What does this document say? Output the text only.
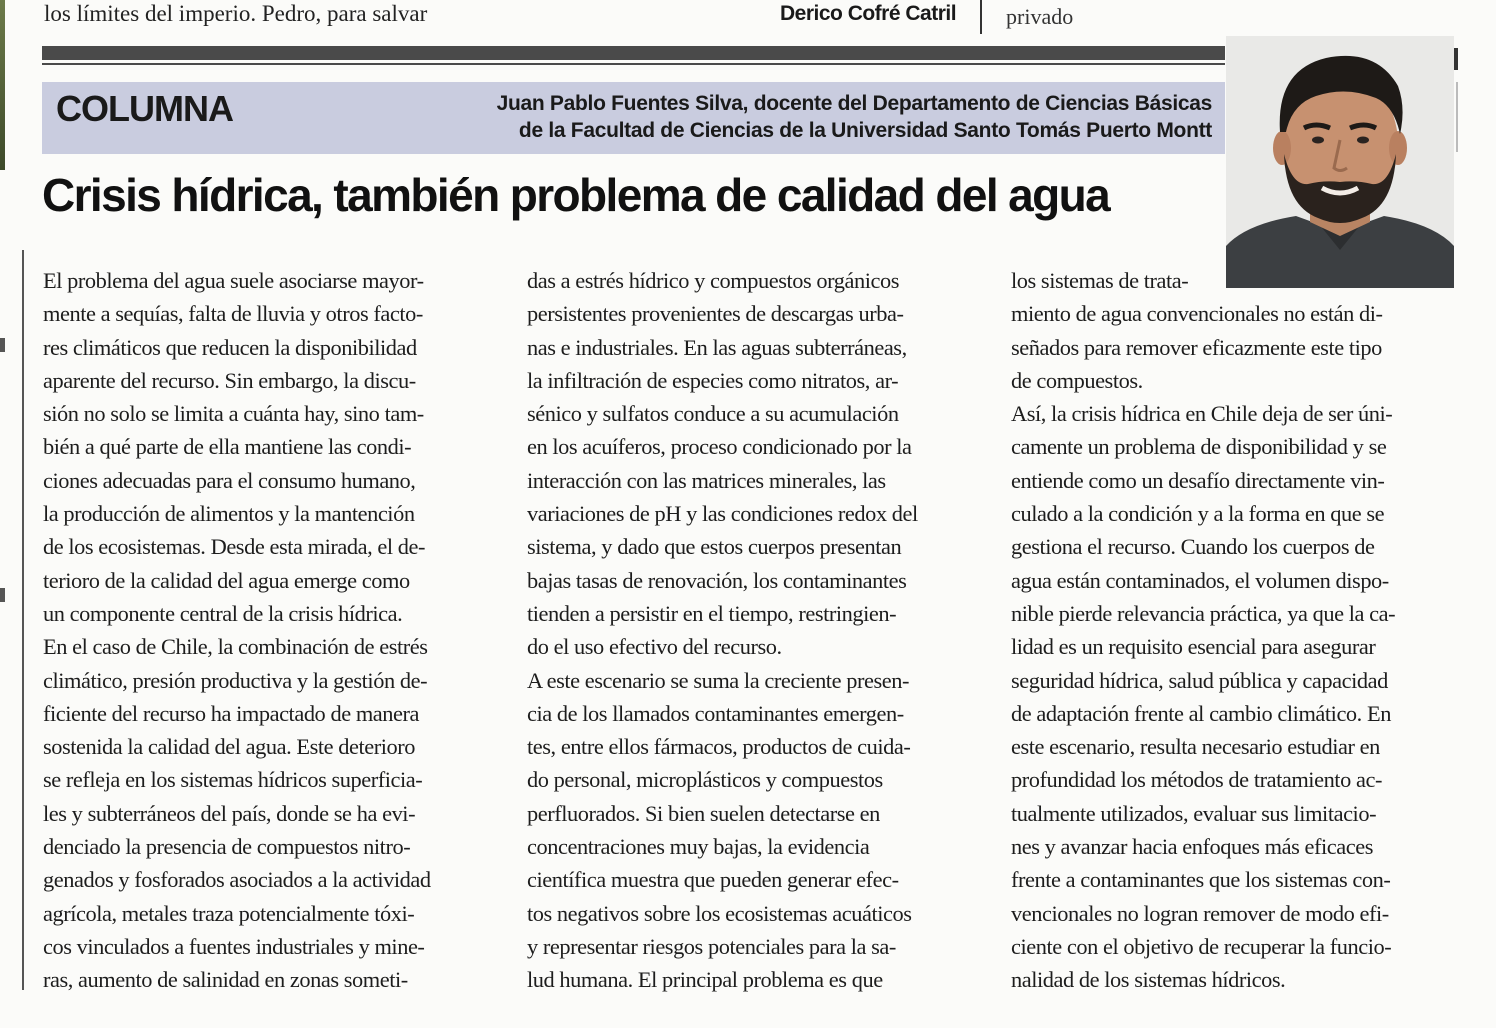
los límites del imperio. Pedro, para salvar	Derico Cofré Catril privado
COLUMNA	Juan Pablo Fuentes Silva, docente del Departamento de Ciencias Básicas
de la Facultad de Ciencias de la Universidad Santo Tomás Puerto Montt
Crisis hídrica, también problema de calidad del agua

El problema del agua suele asociarse mayor-

mente a sequías, falta de lluvia y otros facto-

res climáticos que reducen la disponibilidad

aparente del recurso. Sin embargo, la discu-

sión no solo se limita a cuánta hay, sino tam-

bién a qué parte de ella mantiene las condi-

ciones adecuadas para el consumo humano,

la producción de alimentos y la mantención

de los ecosistemas. Desde esta mirada, el de-

terioro de la calidad del agua emerge como

un componente central de la crisis hídrica.

En el caso de Chile, la combinación de estrés

climático, presión productiva y la gestión de-

ficiente del recurso ha impactado de manera

sostenida la calidad del agua. Este deterioro

se refleja en los sistemas hídricos superficia-

les y subterráneos del país, donde se ha evi-

denciado la presencia de compuestos nitro-

genados y fosforados asociados a la actividad

agrícola, metales traza potencialmente tóxi-

cos vinculados a fuentes industriales y mine-

ras, aumento de salinidad en zonas someti-

das a estrés hídrico y compuestos orgánicos

persistentes provenientes de descargas urba-

nas e industriales. En las aguas subterráneas,

la infiltración de especies como nitratos, ar-

sénico y sulfatos conduce a su acumulación

en los acuíferos, proceso condicionado por la

interacción con las matrices minerales, las

variaciones de pH y las condiciones redox del

sistema, y dado que estos cuerpos presentan

bajas tasas de renovación, los contaminantes

tienden a persistir en el tiempo, restringien-

do el uso efectivo del recurso.

A este escenario se suma la creciente presen-

cia de los llamados contaminantes emergen-

tes, entre ellos fármacos, productos de cuida-

do personal, microplásticos y compuestos

perfluorados. Si bien suelen detectarse en

concentraciones muy bajas, la evidencia

científica muestra que pueden generar efec-

tos negativos sobre los ecosistemas acuáticos

y representar riesgos potenciales para la sa-

lud humana. El principal problema es que

los sistemas de trata-

miento de agua convencionales no están di-

señados para remover eficazmente este tipo

de compuestos.

Así, la crisis hídrica en Chile deja de ser úni-

camente un problema de disponibilidad y se

entiende como un desafío directamente vin-

culado a la condición y a la forma en que se

gestiona el recurso. Cuando los cuerpos de

agua están contaminados, el volumen dispo-

nible pierde relevancia práctica, ya que la ca-

lidad es un requisito esencial para asegurar

seguridad hídrica, salud pública y capacidad

de adaptación frente al cambio climático. En

este escenario, resulta necesario estudiar en

profundidad los métodos de tratamiento ac-

tualmente utilizados, evaluar sus limitacio-

nes y avanzar hacia enfoques más eficaces

frente a contaminantes que los sistemas con-

vencionales no logran remover de modo efi-

ciente con el objetivo de recuperar la funcio-

nalidad de los sistemas hídricos.
